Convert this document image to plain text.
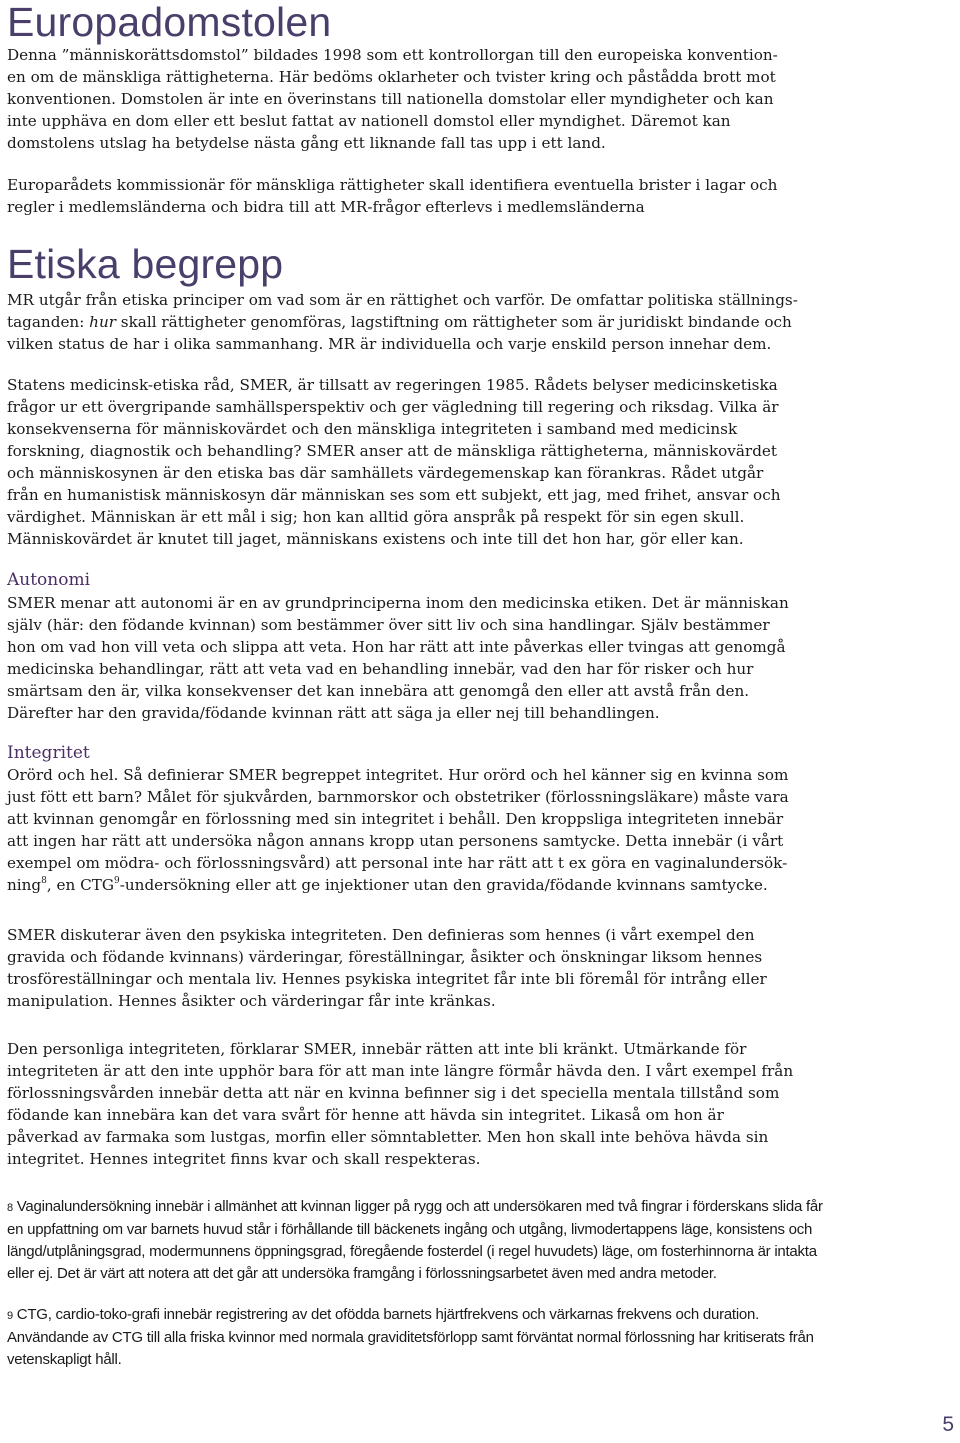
Europadomstolen
Denna ”människorättsdomstol” bildades 1998 som ett kontrollorgan till den europeiska konvention-
en om de mänskliga rättigheterna. Här bedöms oklarheter och tvister kring och påstådda brott mot
konventionen. Domstolen är inte en överinstans till nationella domstolar eller myndigheter och kan
inte upphäva en dom eller ett beslut fattat av nationell domstol eller myndighet. Däremot kan
domstolens utslag ha betydelse nästa gång ett liknande fall tas upp i ett land.
Europarådets kommissionär för mänskliga rättigheter skall identifiera eventuella brister i lagar och
regler i medlemsländerna och bidra till att MR-frågor efterlevs i medlemsländerna
Etiska begrepp
MR utgår från etiska principer om vad som är en rättighet och varför. De omfattar politiska ställnings-
taganden: hur skall rättigheter genomföras, lagstiftning om rättigheter som är juridiskt bindande och
vilken status de har i olika sammanhang. MR är individuella och varje enskild person innehar dem.
Statens medicinsk-etiska råd, SMER, är tillsatt av regeringen 1985. Rådets belyser medicinsketiska
frågor ur ett övergripande samhällsperspektiv och ger vägledning till regering och riksdag. Vilka är
konsekvenserna för människovärdet och den mänskliga integriteten i samband med medicinsk
forskning, diagnostik och behandling? SMER anser att de mänskliga rättigheterna, människovärdet
och människosynen är den etiska bas där samhällets värdegemenskap kan förankras. Rådet utgår
från en humanistisk människosyn där människan ses som ett subjekt, ett jag, med frihet, ansvar och
värdighet. Människan är ett mål i sig; hon kan alltid göra anspråk på respekt för sin egen skull.
Människovärdet är knutet till jaget, människans existens och inte till det hon har, gör eller kan.
Autonomi
SMER menar att autonomi är en av grundprinciperna inom den medicinska etiken. Det är människan
själv (här: den födande kvinnan) som bestämmer över sitt liv och sina handlingar. Själv bestämmer
hon om vad hon vill veta och slippa att veta. Hon har rätt att inte påverkas eller tvingas att genomgå
medicinska behandlingar, rätt att veta vad en behandling innebär, vad den har för risker och hur
smärtsam den är, vilka konsekvenser det kan innebära att genomgå den eller att avstå från den.
Därefter har den gravida/födande kvinnan rätt att säga ja eller nej till behandlingen.
Integritet
Orörd och hel. Så definierar SMER begreppet integritet. Hur orörd och hel känner sig en kvinna som
just fött ett barn? Målet för sjukvården, barnmorskor och obstetriker (förlossningsläkare) måste vara
att kvinnan genomgår en förlossning med sin integritet i behåll. Den kroppsliga integriteten innebär
att ingen har rätt att undersöka någon annans kropp utan personens samtycke. Detta innebär (i vårt
exempel om mödra- och förlossningsvård) att personal inte har rätt att t ex göra en vaginalundersök-
ning$^8$, en CTG$^9$-undersökning eller att ge injektioner utan den gravida/födande kvinnans samtycke.
SMER diskuterar även den psykiska integriteten. Den definieras som hennes (i vårt exempel den
gravida och födande kvinnans) värderingar, föreställningar, åsikter och önskningar liksom hennes
trosföreställningar och mentala liv. Hennes psykiska integritet får inte bli föremål för intrång eller
manipulation. Hennes åsikter och värderingar får inte kränkas.
Den personliga integriteten, förklarar SMER, innebär rätten att inte bli kränkt. Utmärkande för
integriteten är att den inte upphör bara för att man inte längre förmår hävda den. I vårt exempel från
förlossningsvården innebär detta att när en kvinna befinner sig i det speciella mentala tillstånd som
födande kan innebära kan det vara svårt för henne att hävda sin integritet. Likaså om hon är
påverkad av farmaka som lustgas, morfin eller sömntabletter. Men hon skall inte behöva hävda sin
integritet. Hennes integritet finns kvar och skall respekteras.
8 Vaginalundersökning innebär i allmänhet att kvinnan ligger på rygg och att undersökaren med två fingrar i förderskans slida får
en uppfattning om var barnets huvud står i förhållande till bäckenets ingång och utgång, livmodertappens läge, konsistens och
längd/utplåningsgrad, modermunnens öppningsgrad, föregående fosterdel (i regel huvudets) läge, om fosterhinnorna är intakta
eller ej. Det är värt att notera att det går att undersöka framgång i förlossningsarbetet även med andra metoder.
9 CTG, cardio-toko-grafi innebär registrering av det ofödda barnets hjärtfrekvens och värkarnas frekvens och duration.
Användande av CTG till alla friska kvinnor med normala graviditetsförlopp samt förväntat normal förlossning har kritiserats från
vetenskapligt håll.
5
